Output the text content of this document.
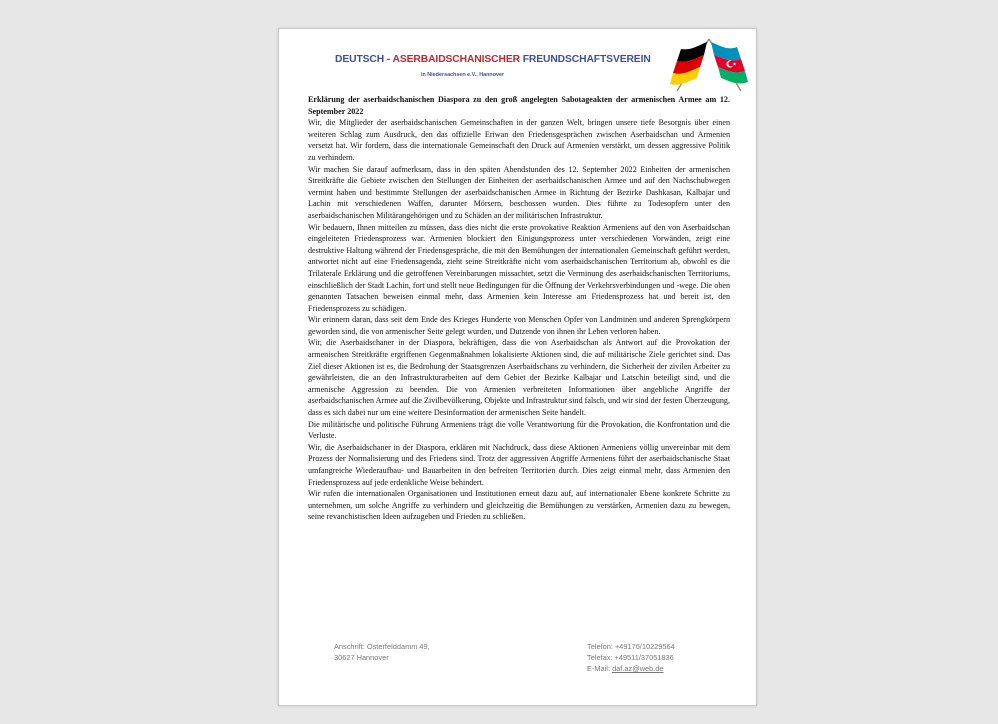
DEUTSCH - ASERBAIDSCHANISCHER FREUNDSCHAFTSVEREIN
in Niedersachsen e.V., Hannover

Erklärung der aserbaidschanischen Diaspora zu den groß angelegten Sabotageakten der armenischen Armee am 12. September 2022

Wir, die Mitglieder der aserbaidschanischen Gemeinschaften in der ganzen Welt, bringen unsere tiefe Besorgnis über einen weiteren Schlag zum Ausdruck, den das offizielle Eriwan den Friedensgesprächen zwischen Aserbaidschan und Armenien versetzt hat. Wir fordern, dass die internationale Gemeinschaft den Druck auf Armenien verstärkt, um dessen aggressive Politik zu verhindern.

Wir machen Sie darauf aufmerksam, dass in den späten Abendstunden des 12. September 2022 Einheiten der armenischen Streitkräfte die Gebiete zwischen den Stellungen der Einheiten der aserbaidschanischen Armee und auf den Nachschubwegen vermint haben und bestimmte Stellungen der aserbaidschanischen Armee in Richtung der Bezirke Dashkasan, Kalbajar und Lachin mit verschiedenen Waffen, darunter Mörsern, beschossen wurden. Dies führte zu Todesopfern unter den aserbaidschanischen Militärangehörigen und zu Schäden an der militärischen Infrastruktur.

Wir bedauern, Ihnen mitteilen zu müssen, dass dies nicht die erste provokative Reaktion Armeniens auf den von Aserbaidschan eingeleiteten Friedensprozess war. Armenien blockiert den Einigungsprozess unter verschiedenen Vorwänden, zeigt eine destruktive Haltung während der Friedensgespräche, die mit den Bemühungen der internationalen Gemeinschaft geführt werden, antwortet nicht auf eine Friedensagenda, zieht seine Streitkräfte nicht vom aserbaidschanischen Territorium ab, obwohl es die Trilaterale Erklärung und die getroffenen Vereinbarungen missachtet, setzt die Verminung des aserbaidschanischen Territoriums, einschließlich der Stadt Lachin, fort und stellt neue Bedingungen für die Öffnung der Verkehrsverbindungen und -wege. Die oben genannten Tatsachen beweisen einmal mehr, dass Armenien kein Interesse am Friedensprozess hat und bereit ist, den Friedensprozess zu schädigen.

Wir erinnern daran, dass seit dem Ende des Krieges Hunderte von Menschen Opfer von Landminen und anderen Sprengkörpern geworden sind, die von armenischer Seite gelegt wurden, und Dutzende von ihnen ihr Leben verloren haben.

Wir, die Aserbaidschaner in der Diaspora, bekräftigen, dass die von Aserbaidschan als Antwort auf die Provokation der armenischen Streitkräfte ergriffenen Gegenmaßnahmen lokalisierte Aktionen sind, die auf militärische Ziele gerichtet sind. Das Ziel dieser Aktionen ist es, die Bedrohung der Staatsgrenzen Aserbaidschans zu verhindern, die Sicherheit der zivilen Arbeiter zu gewährleisten, die an den Infrastrukturarbeiten auf dem Gebiet der Bezirke Kalbajar und Latschin beteiligt sind, und die armenische Aggression zu beenden. Die von Armenien verbreiteten Informationen über angebliche Angriffe der aserbaidschanischen Armee auf die Zivilbevölkerung, Objekte und Infrastruktur sind falsch, und wir sind der festen Überzeugung, dass es sich dabei nur um eine weitere Desinformation der armenischen Seite handelt.

Die militärische und politische Führung Armeniens trägt die volle Verantwortung für die Provokation, die Konfrontation und die Verluste.

Wir, die Aserbaidschaner in der Diaspora, erklären mit Nachdruck, dass diese Aktionen Armeniens völlig unvereinbar mit dem Prozess der Normalisierung und des Friedens sind. Trotz der aggressiven Angriffe Armeniens führt der aserbaidschanische Staat umfangreiche Wiederaufbau- und Bauarbeiten in den befreiten Territorien durch. Dies zeigt einmal mehr, dass Armenien den Friedensprozess auf jede erdenkliche Weise behindert.

Wir rufen die internationalen Organisationen und Institutionen erneut dazu auf, auf internationaler Ebene konkrete Schritte zu unternehmen, um solche Angriffe zu verhindern und gleichzeitig die Bemühungen zu verstärken, Armenien dazu zu bewegen, seine revanchistischen Ideen aufzugeben und Frieden zu schließen.

Anschrift: Osterfelddamm 49,
30627 Hannover
Telefon: +49176/10229564
Telefax: +49511/37051836
E-Mail: daf.az@web.de
